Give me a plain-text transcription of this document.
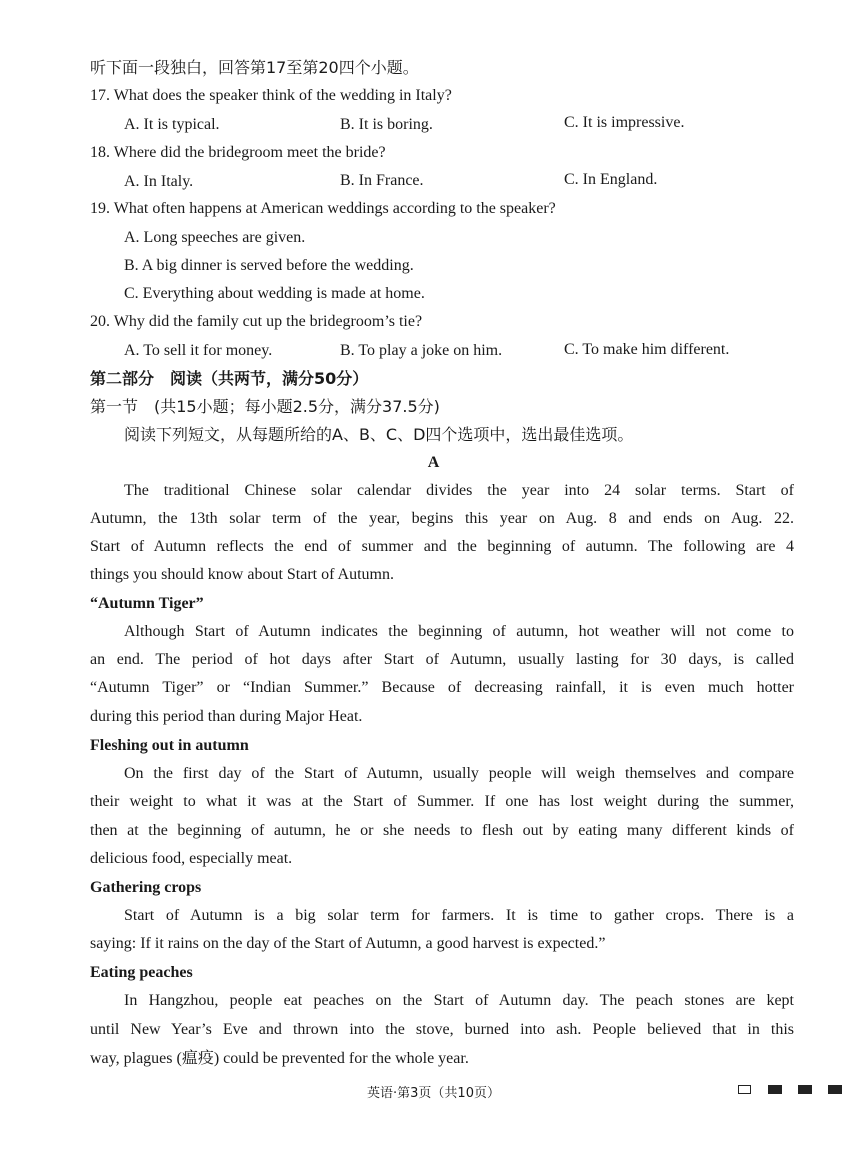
听下面一段独白，回答第17至第20四个小题。
17. What does the speaker think of the wedding in Italy?
A. It is typical.	B. It is boring.	C. It is impressive.
18. Where did the bridegroom meet the bride?
A. In Italy.	B. In France.	C. In England.
19. What often happens at American weddings according to the speaker?
A. Long speeches are given.
B. A big dinner is served before the wedding.
C. Everything about wedding is made at home.
20. Why did the family cut up the bridegroom’s tie?
A. To sell it for money.	B. To play a joke on him.	C. To make him different.
第二部分　阅读（共两节，满分50分）
第一节　(共15小题；每小题2.5分，满分37.5分)
阅读下列短文，从每题所给的A、B、C、D四个选项中，选出最佳选项。
A
The traditional Chinese solar calendar divides the year into 24 solar terms. Start of
Autumn, the 13th solar term of the year, begins this year on Aug. 8 and ends on Aug. 22.
Start of Autumn reflects the end of summer and the beginning of autumn. The following are 4
things you should know about Start of Autumn.
“Autumn Tiger”
Although Start of Autumn indicates the beginning of autumn, hot weather will not come to
an end. The period of hot days after Start of Autumn, usually lasting for 30 days, is called
“Autumn Tiger” or “Indian Summer.” Because of decreasing rainfall, it is even much hotter
during this period than during Major Heat.
Fleshing out in autumn
On the first day of the Start of Autumn, usually people will weigh themselves and compare
their weight to what it was at the Start of Summer. If one has lost weight during the summer,
then at the beginning of autumn, he or she needs to flesh out by eating many different kinds of
delicious food, especially meat.
Gathering crops
Start of Autumn is a big solar term for farmers. It is time to gather crops. There is a
saying: If it rains on the day of the Start of Autumn, a good harvest is expected.”
Eating peaches
In Hangzhou, people eat peaches on the Start of Autumn day. The peach stones are kept
until New Year’s Eve and thrown into the stove, burned into ash. People believed that in this
way, plagues (瘟疫) could be prevented for the whole year.
英语·第3页（共10页）
